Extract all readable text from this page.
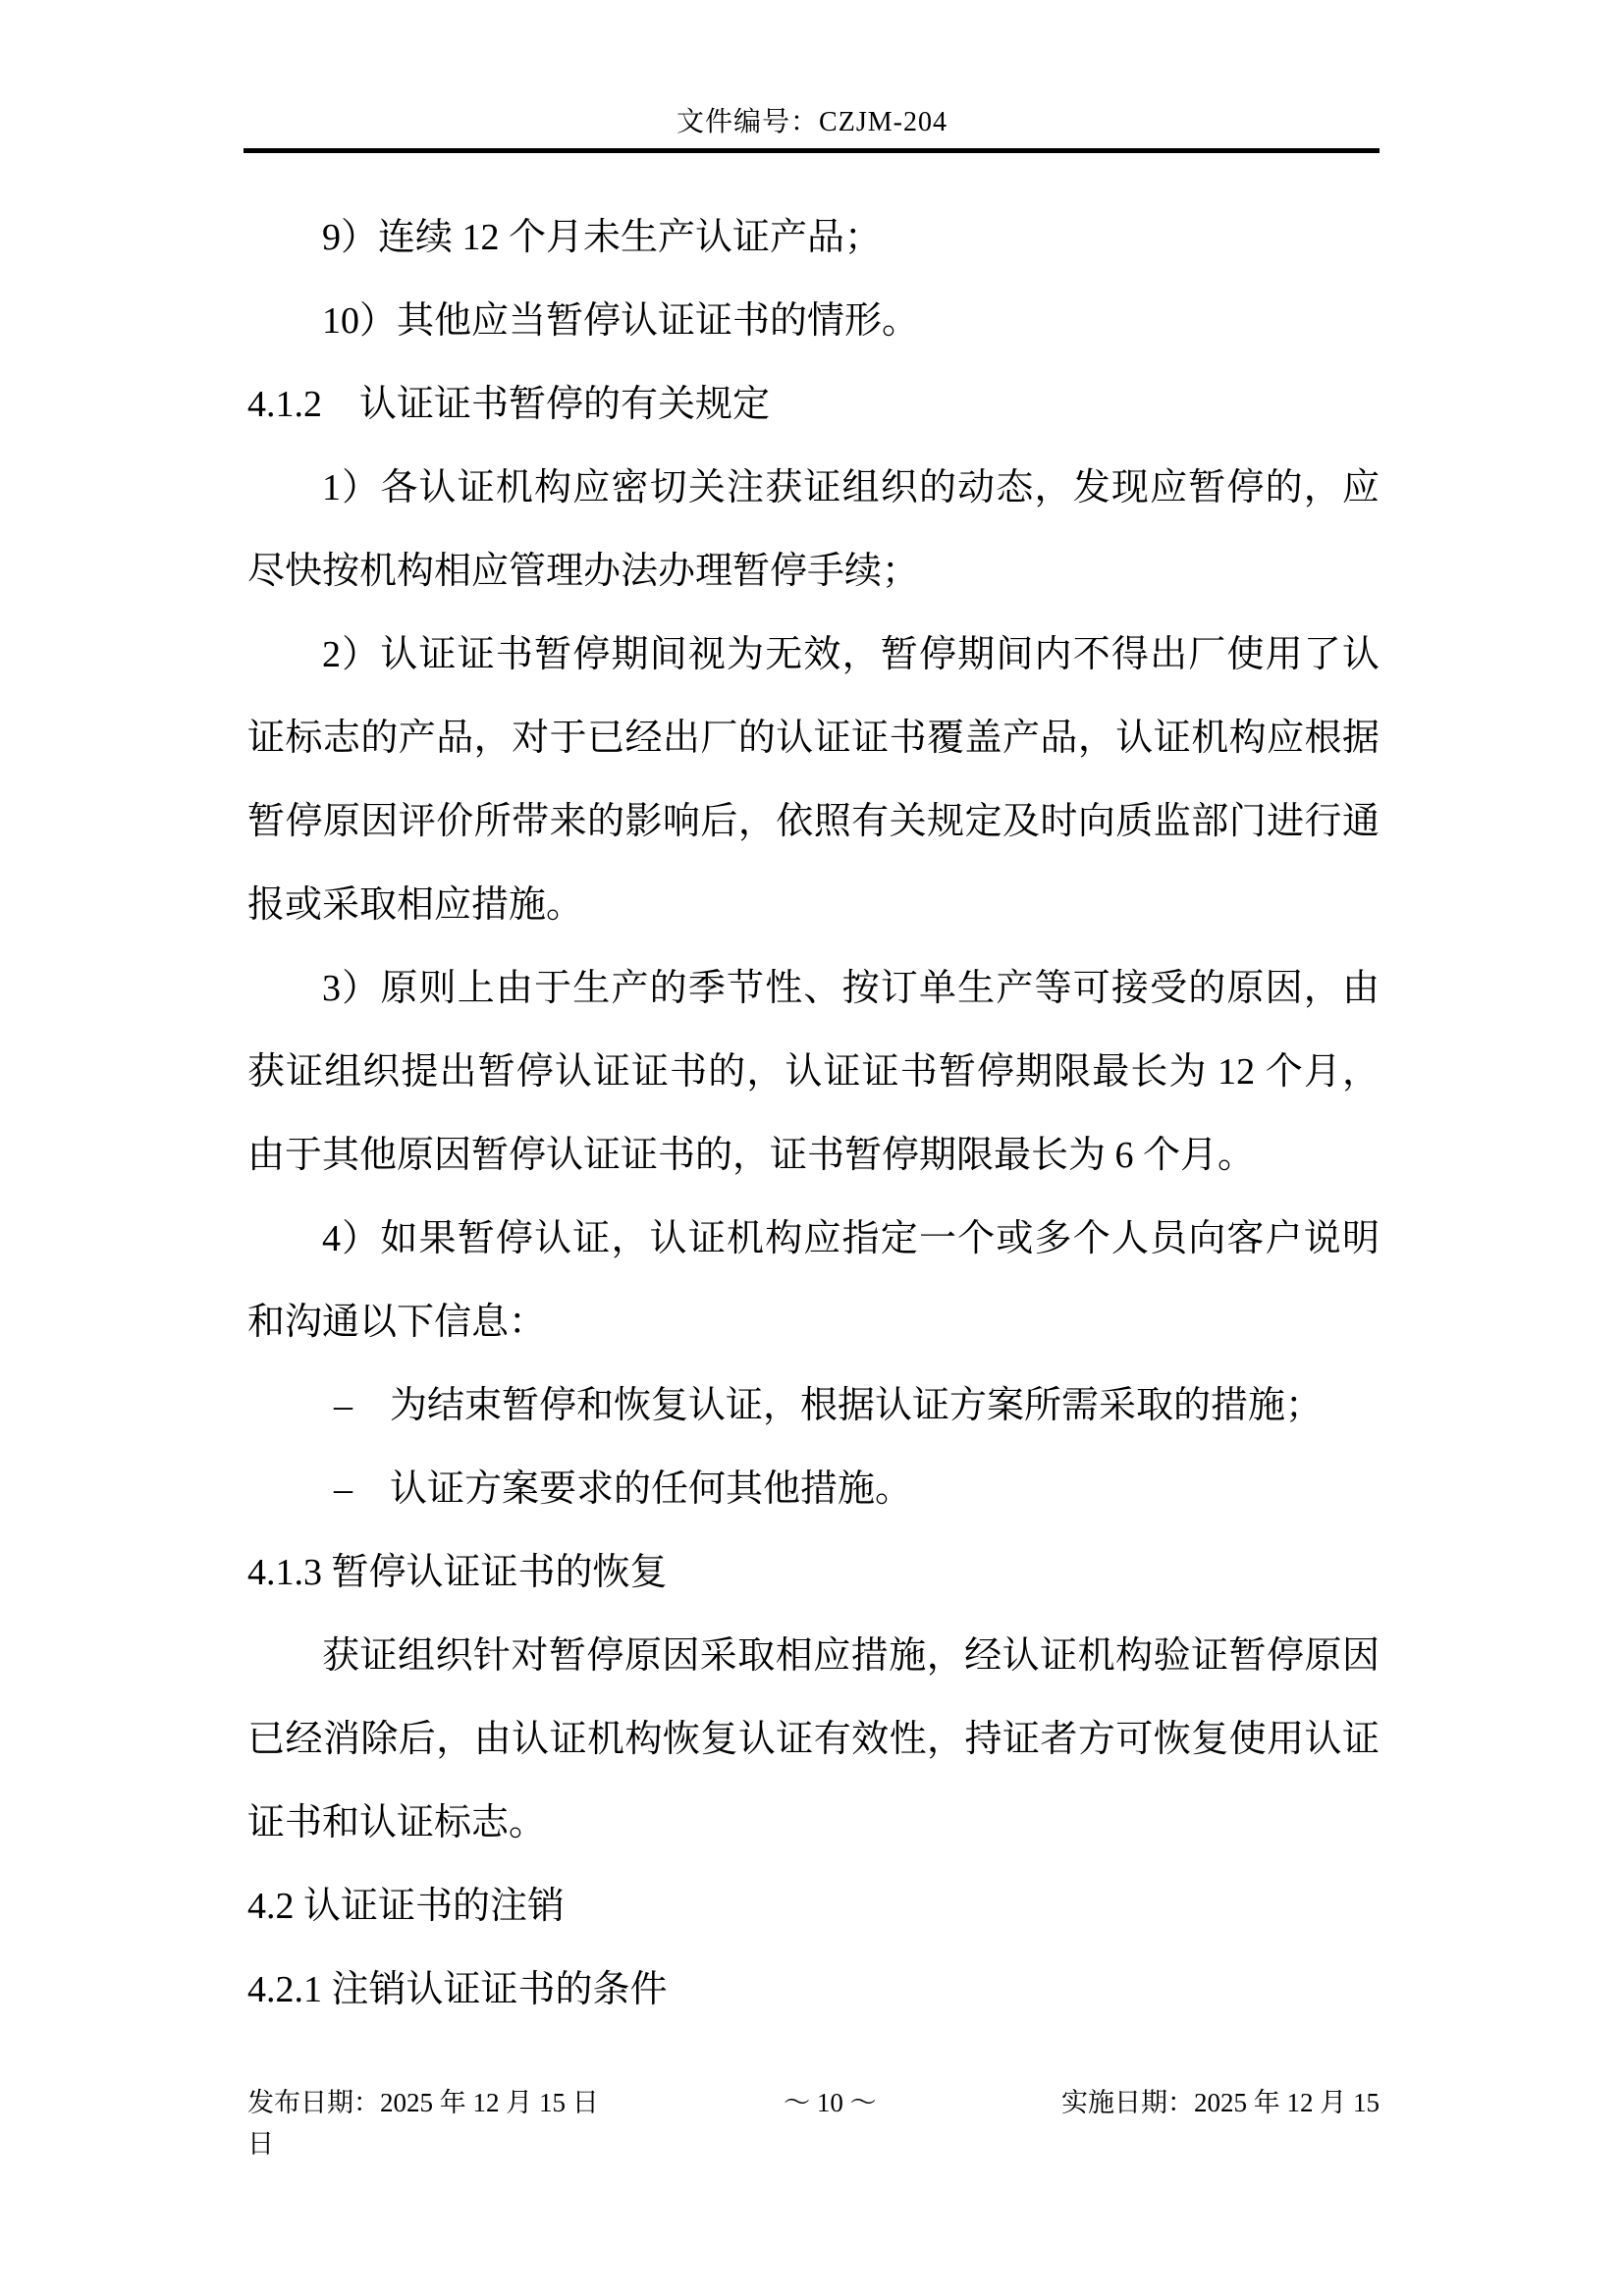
文件编号：CZJM-204
9）连续 12 个月未生产认证产品；
10）其他应当暂停认证证书的情形。
4.1.2　认证证书暂停的有关规定
1）各认证机构应密切关注获证组织的动态，发现应暂停的，应
尽快按机构相应管理办法办理暂停手续；
2）认证证书暂停期间视为无效，暂停期间内不得出厂使用了认
证标志的产品，对于已经出厂的认证证书覆盖产品，认证机构应根据
暂停原因评价所带来的影响后，依照有关规定及时向质监部门进行通
报或采取相应措施。
3）原则上由于生产的季节性、按订单生产等可接受的原因，由
获证组织提出暂停认证证书的，认证证书暂停期限最长为 12 个月，
由于其他原因暂停认证证书的，证书暂停期限最长为 6 个月。
4）如果暂停认证，认证机构应指定一个或多个人员向客户说明
和沟通以下信息：
–　为结束暂停和恢复认证，根据认证方案所需采取的措施；
–　认证方案要求的任何其他措施。
4.1.3 暂停认证证书的恢复
获证组织针对暂停原因采取相应措施，经认证机构验证暂停原因
已经消除后，由认证机构恢复认证有效性，持证者方可恢复使用认证
证书和认证标志。
4.2 认证证书的注销
4.2.1 注销认证证书的条件
发布日期：2025 年 12 月 15 日	～ 10 ～	实施日期：2025 年 12 月 15
日
